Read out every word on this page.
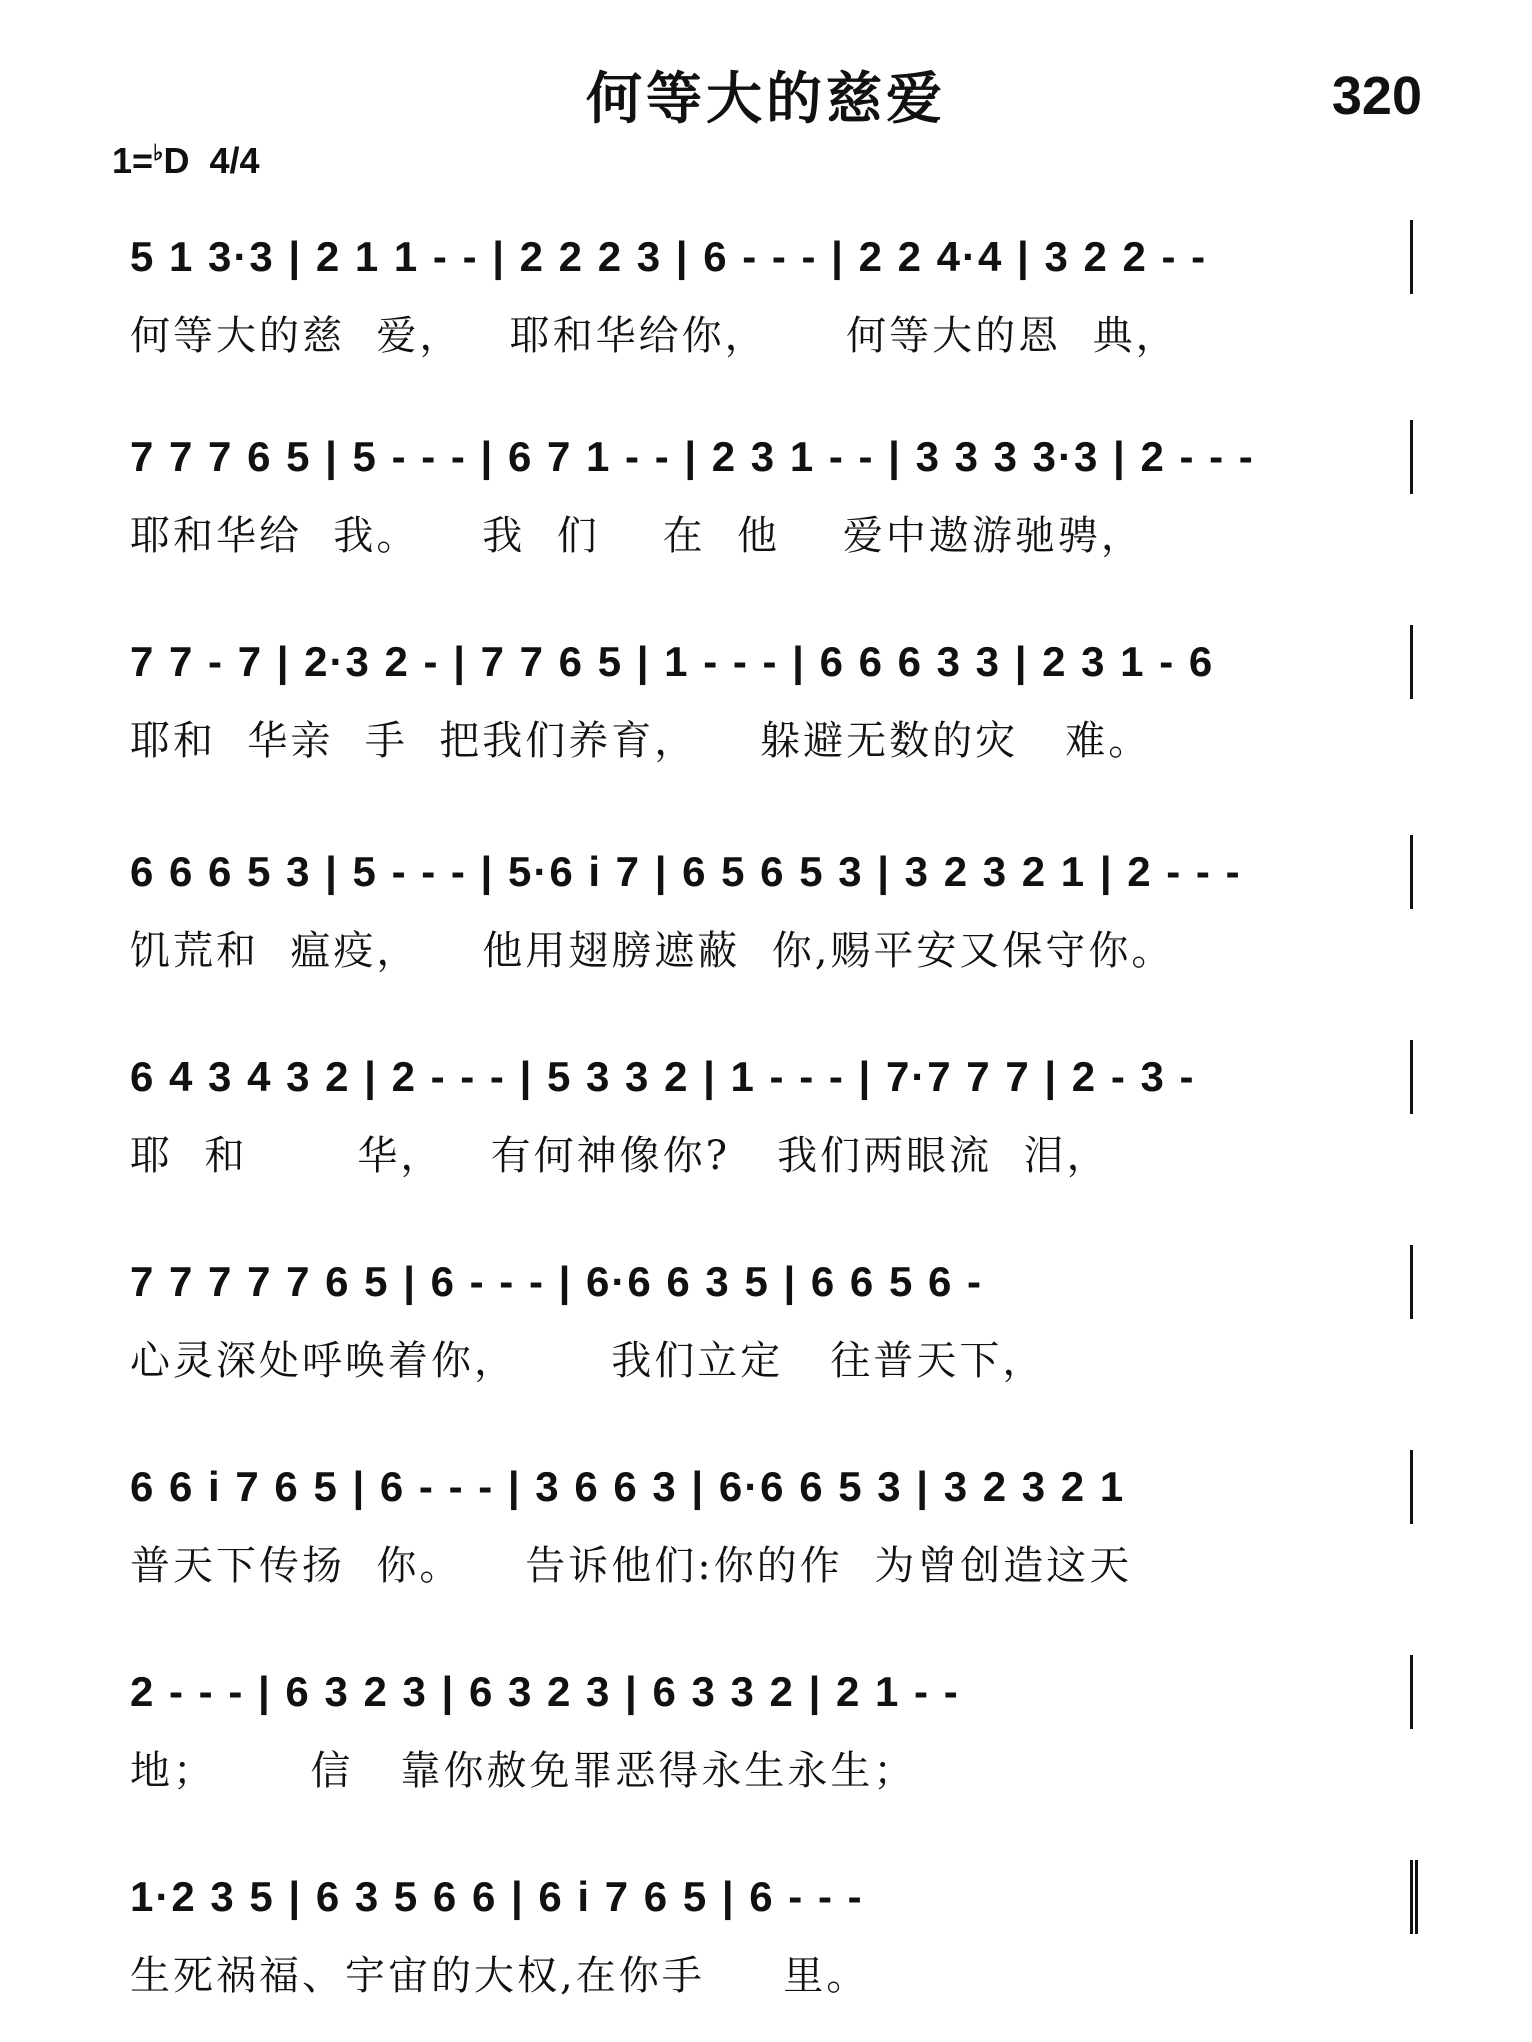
何等大的慈爱	320
1=♭D 4/4
5 1 3·3 | 2 1 1 - - | 2 2 2 3 | 6 - - - | 2 2 4·4 | 3 2 2 - -
何等大的慈  爱，   耶和华给你，     何等大的恩  典，
7 7 7 6 5 | 5 - - - | 6 7 1 - - | 2 3 1 - - | 3 3 3 3·3 | 2 - - -
耶和华给  我。    我  们    在  他    爱中遨游驰骋，
7 7 - 7 | 2·3 2 - | 7 7 6 5 | 1 - - - | 6 6 6 3 3 | 2 3 1 - 6
耶和  华亲  手  把我们养育，    躲避无数的灾   难。
6 6 6 5 3 | 5 - - - | 5·6 i 7 | 6 5 6 5 3 | 3 2 3 2 1 | 2 - - -
饥荒和  瘟疫，    他用翅膀遮蔽  你,赐平安又保守你。
6 4 3 4 3 2 | 2 - - - | 5 3 3 2 | 1 - - - | 7·7 7 7 | 2 - 3 -
耶  和       华，   有何神像你?   我们两眼流  泪，
7 7 7 7 7 6 5 | 6 - - - | 6·6 6 3 5 | 6 6 5 6 -
心灵深处呼唤着你，      我们立定   往普天下，
6 6 i 7 6 5 | 6 - - - | 3 6 6 3 | 6·6 6 5 3 | 3 2 3 2 1
普天下传扬  你。    告诉他们:你的作  为曾创造这天
2 - - - | 6 3 2 3 | 6 3 2 3 | 6 3 3 2 | 2 1 - -
地；      信   靠你赦免罪恶得永生永生；
1·2 3 5 | 6 3 5 6 6 | 6 i 7 6 5 | 6 - - -
生死祸福、宇宙的大权,在你手     里。
